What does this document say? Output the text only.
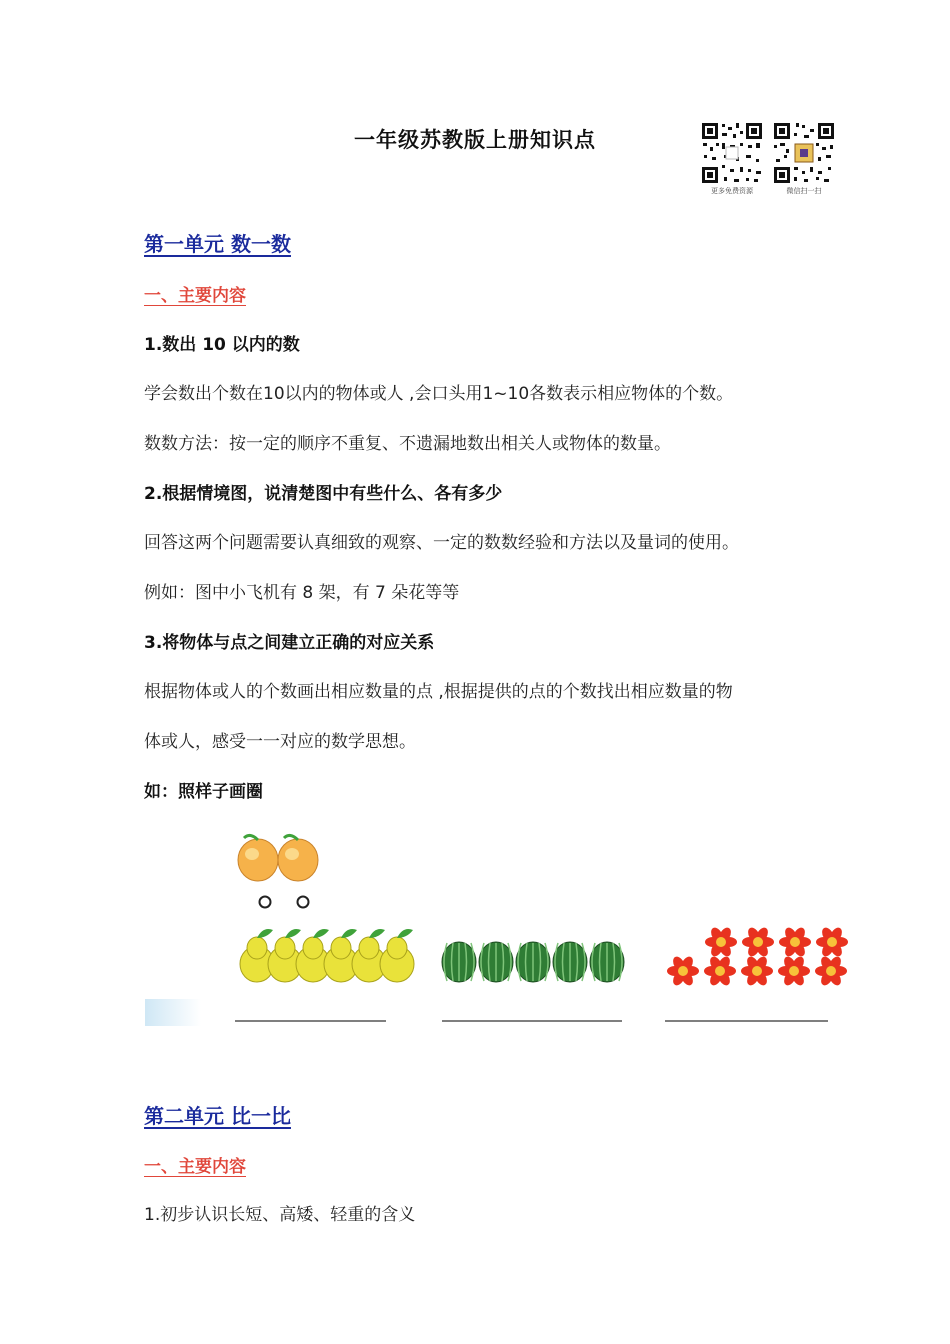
一年级苏教版上册知识点
更多免费资源	微信扫一扫
第一单元 数一数
一、主要内容
1.数出 10 以内的数
学会数出个数在10以内的物体或人 ,会口头用1~10各数表示相应物体的个数。
数数方法：按一定的顺序不重复、不遗漏地数出相关人或物体的数量。
2.根据情境图，说清楚图中有些什么、各有多少
回答这两个问题需要认真细致的观察、一定的数数经验和方法以及量词的使用。
例如：图中小飞机有 8 架，有 7 朵花等等
3.将物体与点之间建立正确的对应关系
根据物体或人的个数画出相应数量的点 ,根据提供的点的个数找出相应数量的物
体或人，感受一一对应的数学思想。
如：照样子画圈
第二单元 比一比
一、主要内容
1.初步认识长短、高矮、轻重的含义
